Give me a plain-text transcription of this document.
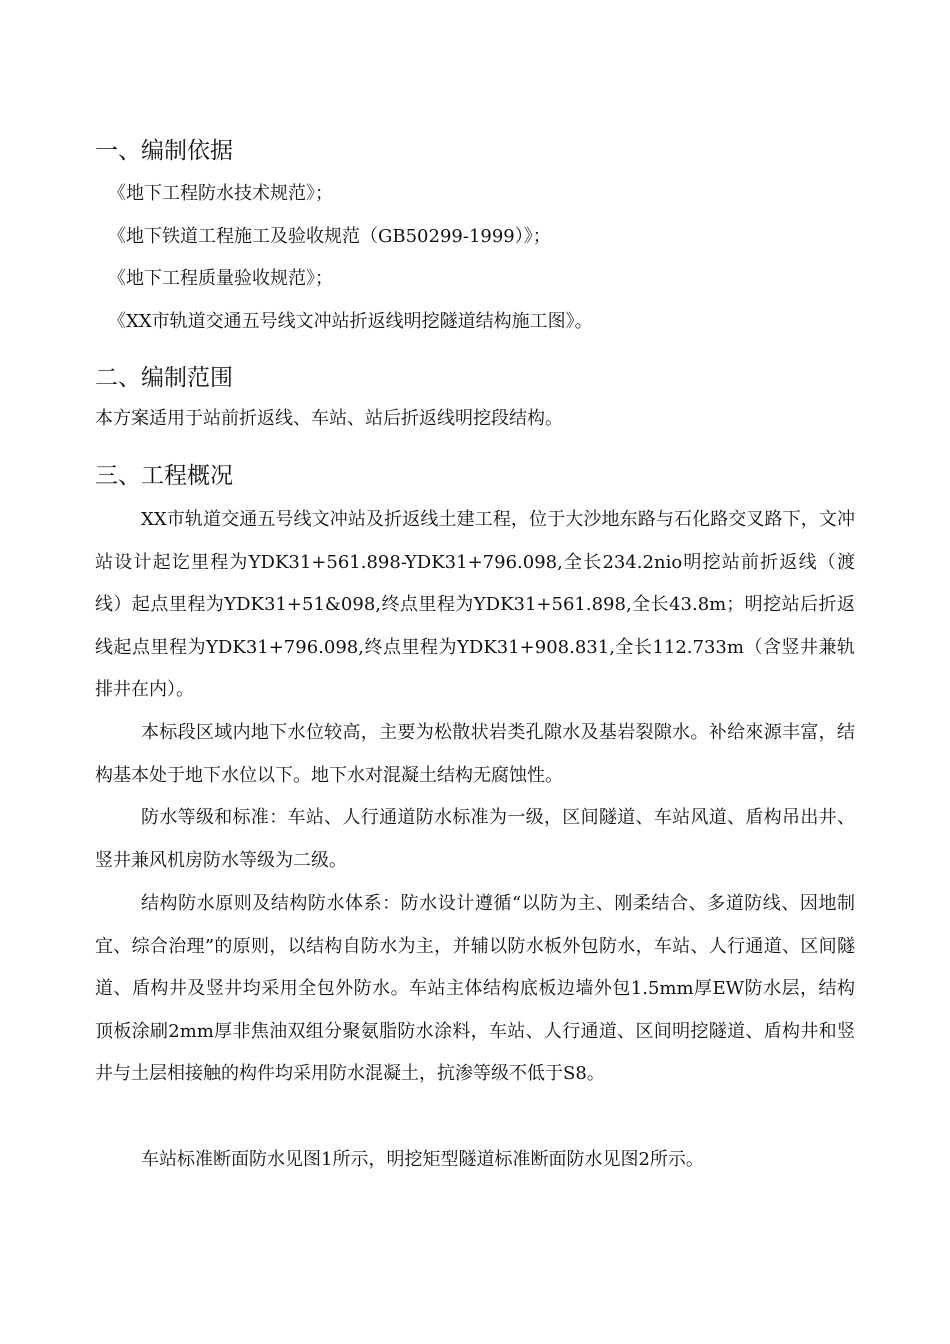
一、编制依据
《地下工程防水技术规范》；
《地下铁道工程施工及验收规范（GB50299-1999）》；
《地下工程质量验收规范》；
《XX市轨道交通五号线文冲站折返线明挖隧道结构施工图》。
二、编制范围

本方案适用于站前折返线、车站、站后折返线明挖段结构。

三、工程概况

XX市轨道交通五号线文冲站及折返线土建工程，位于大沙地东路与石化路交叉路下，文冲站设计起讫里程为YDK31+561.898-YDK31+796.098,全长234.2nio明挖站前折返线（渡线）起点里程为YDK31+51&098,终点里程为YDK31+561.898,全长43.8m；明挖站后折返线起点里程为YDK31+796.098,终点里程为YDK31+908.831,全长112.733m（含竖井兼轨排井在内）。

本标段区域内地下水位较高，主要为松散状岩类孔隙水及基岩裂隙水。补给來源丰富，结构基本处于地下水位以下。地下水对混凝土结构无腐蚀性。

防水等级和标准：车站、人行通道防水标准为一级，区间隧道、车站风道、盾构吊出井、竖井兼风机房防水等级为二级。

结构防水原则及结构防水体系：防水设计遵循“以防为主、刚柔结合、多道防线、因地制宜、综合治理”的原则，以结构自防水为主，并辅以防水板外包防水，车站、人行通道、区间隧道、盾构井及竖井均采用全包外防水。车站主体结构底板边墙外包1.5mm厚EW防水层，结构顶板涂刷2mm厚非焦油双组分聚氨脂防水涂料，车站、人行通道、区间明挖隧道、盾构井和竖井与土层相接触的构件均采用防水混凝土，抗渗等级不低于S8。

车站标准断面防水见图1所示，明挖矩型隧道标准断面防水见图2所示。
